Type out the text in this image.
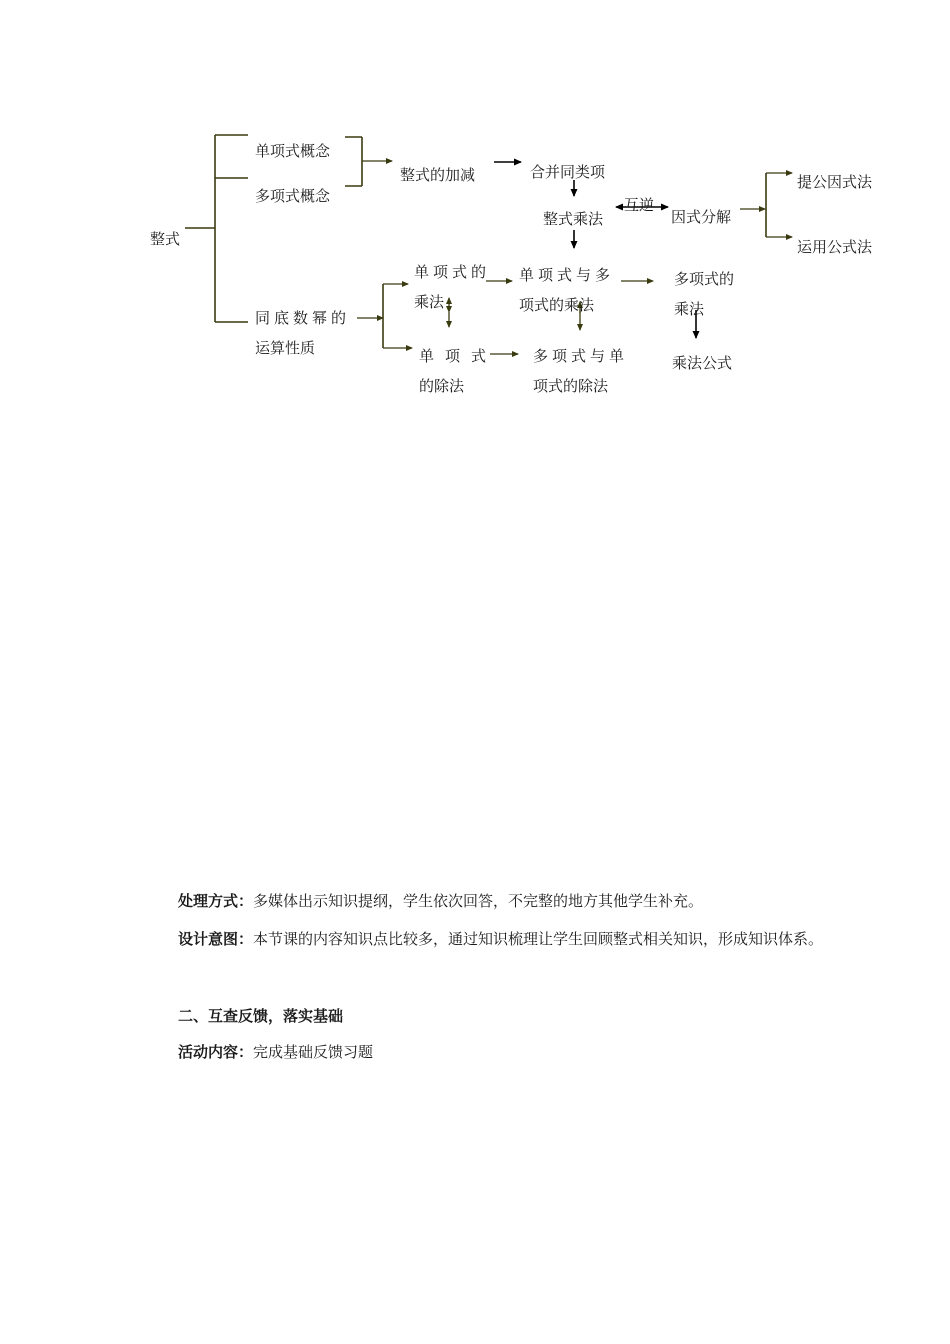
整式
单项式概念
多项式概念
整式的加减	合并同类项
整式乘法
互逆
因式分解
提公因式法
运用公式法
同底数幂的
运算性质
单项式的
乘法
单项式与多
项式的乘法
多项式的
乘法
乘法公式
单项式
的除法
多项式与单
项式的除法
处理方式：多媒体出示知识提纲，学生依次回答，不完整的地方其他学生补充。
设计意图：本节课的内容知识点比较多，通过知识梳理让学生回顾整式相关知识，形成知识体系。
二、互查反馈，落实基础
活动内容：完成基础反馈习题
